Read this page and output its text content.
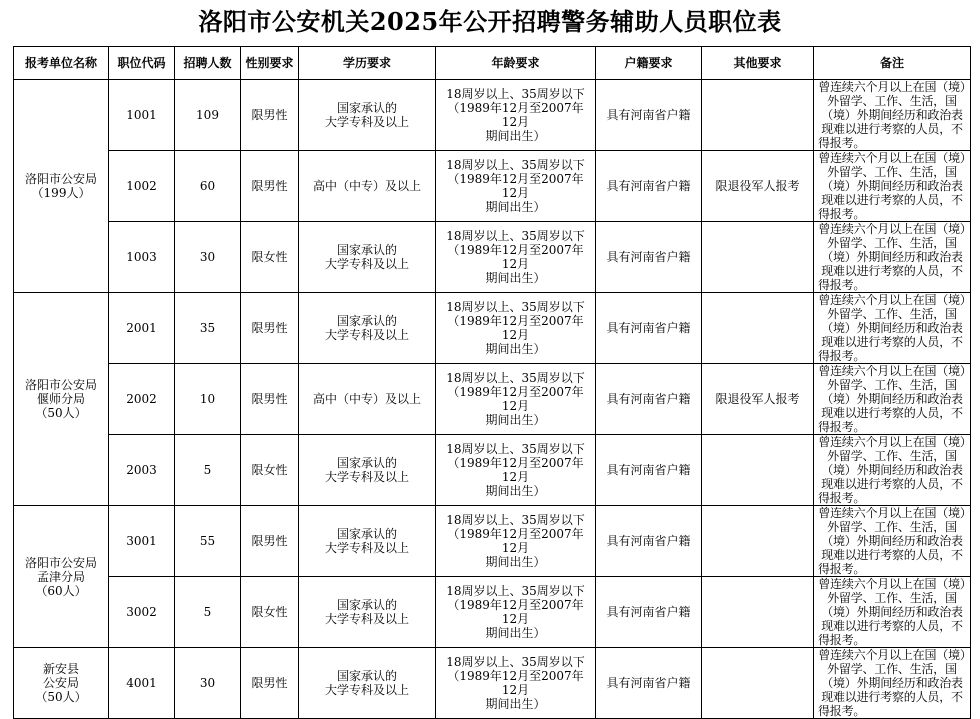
洛阳市公安机关2025年公开招聘警务辅助人员职位表
报考单位名称	职位代码	招聘人数	性别要求	学历要求	年龄要求	户籍要求	其他要求	备注

洛阳市公安局
（199人）	1001	109	限男性	国家承认的
大学专科及以上	18周岁以上、35周岁以下
（1989年12月至2007年12月
期间出生）	具有河南省户籍		曾连续六个月以上在国（境）外留学、工作、生活，国（境）外期间经历和政治表现难以进行考察的人员，不得报考。
	1002	60	限男性	高中（中专）及以上	18周岁以上、35周岁以下
（1989年12月至2007年12月
期间出生）	具有河南省户籍	限退役军人报考	曾连续六个月以上在国（境）外留学、工作、生活，国（境）外期间经历和政治表现难以进行考察的人员，不得报考。
	1003	30	限女性	国家承认的
大学专科及以上	18周岁以上、35周岁以下
（1989年12月至2007年12月
期间出生）	具有河南省户籍		曾连续六个月以上在国（境）外留学、工作、生活，国（境）外期间经历和政治表现难以进行考察的人员，不得报考。

洛阳市公安局
偃师分局
（50人）	2001	35	限男性	国家承认的
大学专科及以上	18周岁以上、35周岁以下
（1989年12月至2007年12月
期间出生）	具有河南省户籍		曾连续六个月以上在国（境）外留学、工作、生活，国（境）外期间经历和政治表现难以进行考察的人员，不得报考。
	2002	10	限男性	高中（中专）及以上	18周岁以上、35周岁以下
（1989年12月至2007年12月
期间出生）	具有河南省户籍	限退役军人报考	曾连续六个月以上在国（境）外留学、工作、生活，国（境）外期间经历和政治表现难以进行考察的人员，不得报考。
	2003	5	限女性	国家承认的
大学专科及以上	18周岁以上、35周岁以下
（1989年12月至2007年12月
期间出生）	具有河南省户籍		曾连续六个月以上在国（境）外留学、工作、生活，国（境）外期间经历和政治表现难以进行考察的人员，不得报考。

洛阳市公安局
孟津分局
（60人）	3001	55	限男性	国家承认的
大学专科及以上	18周岁以上、35周岁以下
（1989年12月至2007年12月
期间出生）	具有河南省户籍		曾连续六个月以上在国（境）外留学、工作、生活，国（境）外期间经历和政治表现难以进行考察的人员，不得报考。
	3002	5	限女性	国家承认的
大学专科及以上	18周岁以上、35周岁以下
（1989年12月至2007年12月
期间出生）	具有河南省户籍		曾连续六个月以上在国（境）外留学、工作、生活，国（境）外期间经历和政治表现难以进行考察的人员，不得报考。

新安县
公安局
（50人）	4001	30	限男性	国家承认的
大学专科及以上	18周岁以上、35周岁以下
（1989年12月至2007年12月
期间出生）	具有河南省户籍		曾连续六个月以上在国（境）外留学、工作、生活，国（境）外期间经历和政治表现难以进行考察的人员，不得报考。
